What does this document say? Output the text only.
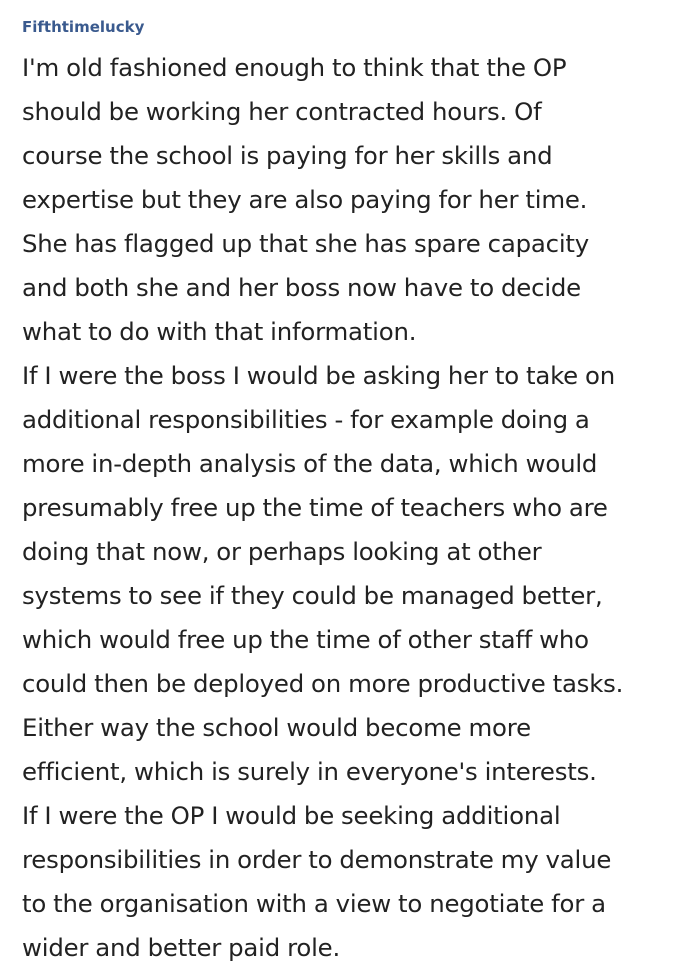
Fifthtimelucky
I'm old fashioned enough to think that the OP
should be working her contracted hours. Of
course the school is paying for her skills and
expertise but they are also paying for her time.
She has flagged up that she has spare capacity
and both she and her boss now have to decide
what to do with that information.
If I were the boss I would be asking her to take on
additional responsibilities - for example doing a
more in-depth analysis of the data, which would
presumably free up the time of teachers who are
doing that now, or perhaps looking at other
systems to see if they could be managed better,
which would free up the time of other staff who
could then be deployed on more productive tasks.
Either way the school would become more
efficient, which is surely in everyone's interests.
If I were the OP I would be seeking additional
responsibilities in order to demonstrate my value
to the organisation with a view to negotiate for a
wider and better paid role.
